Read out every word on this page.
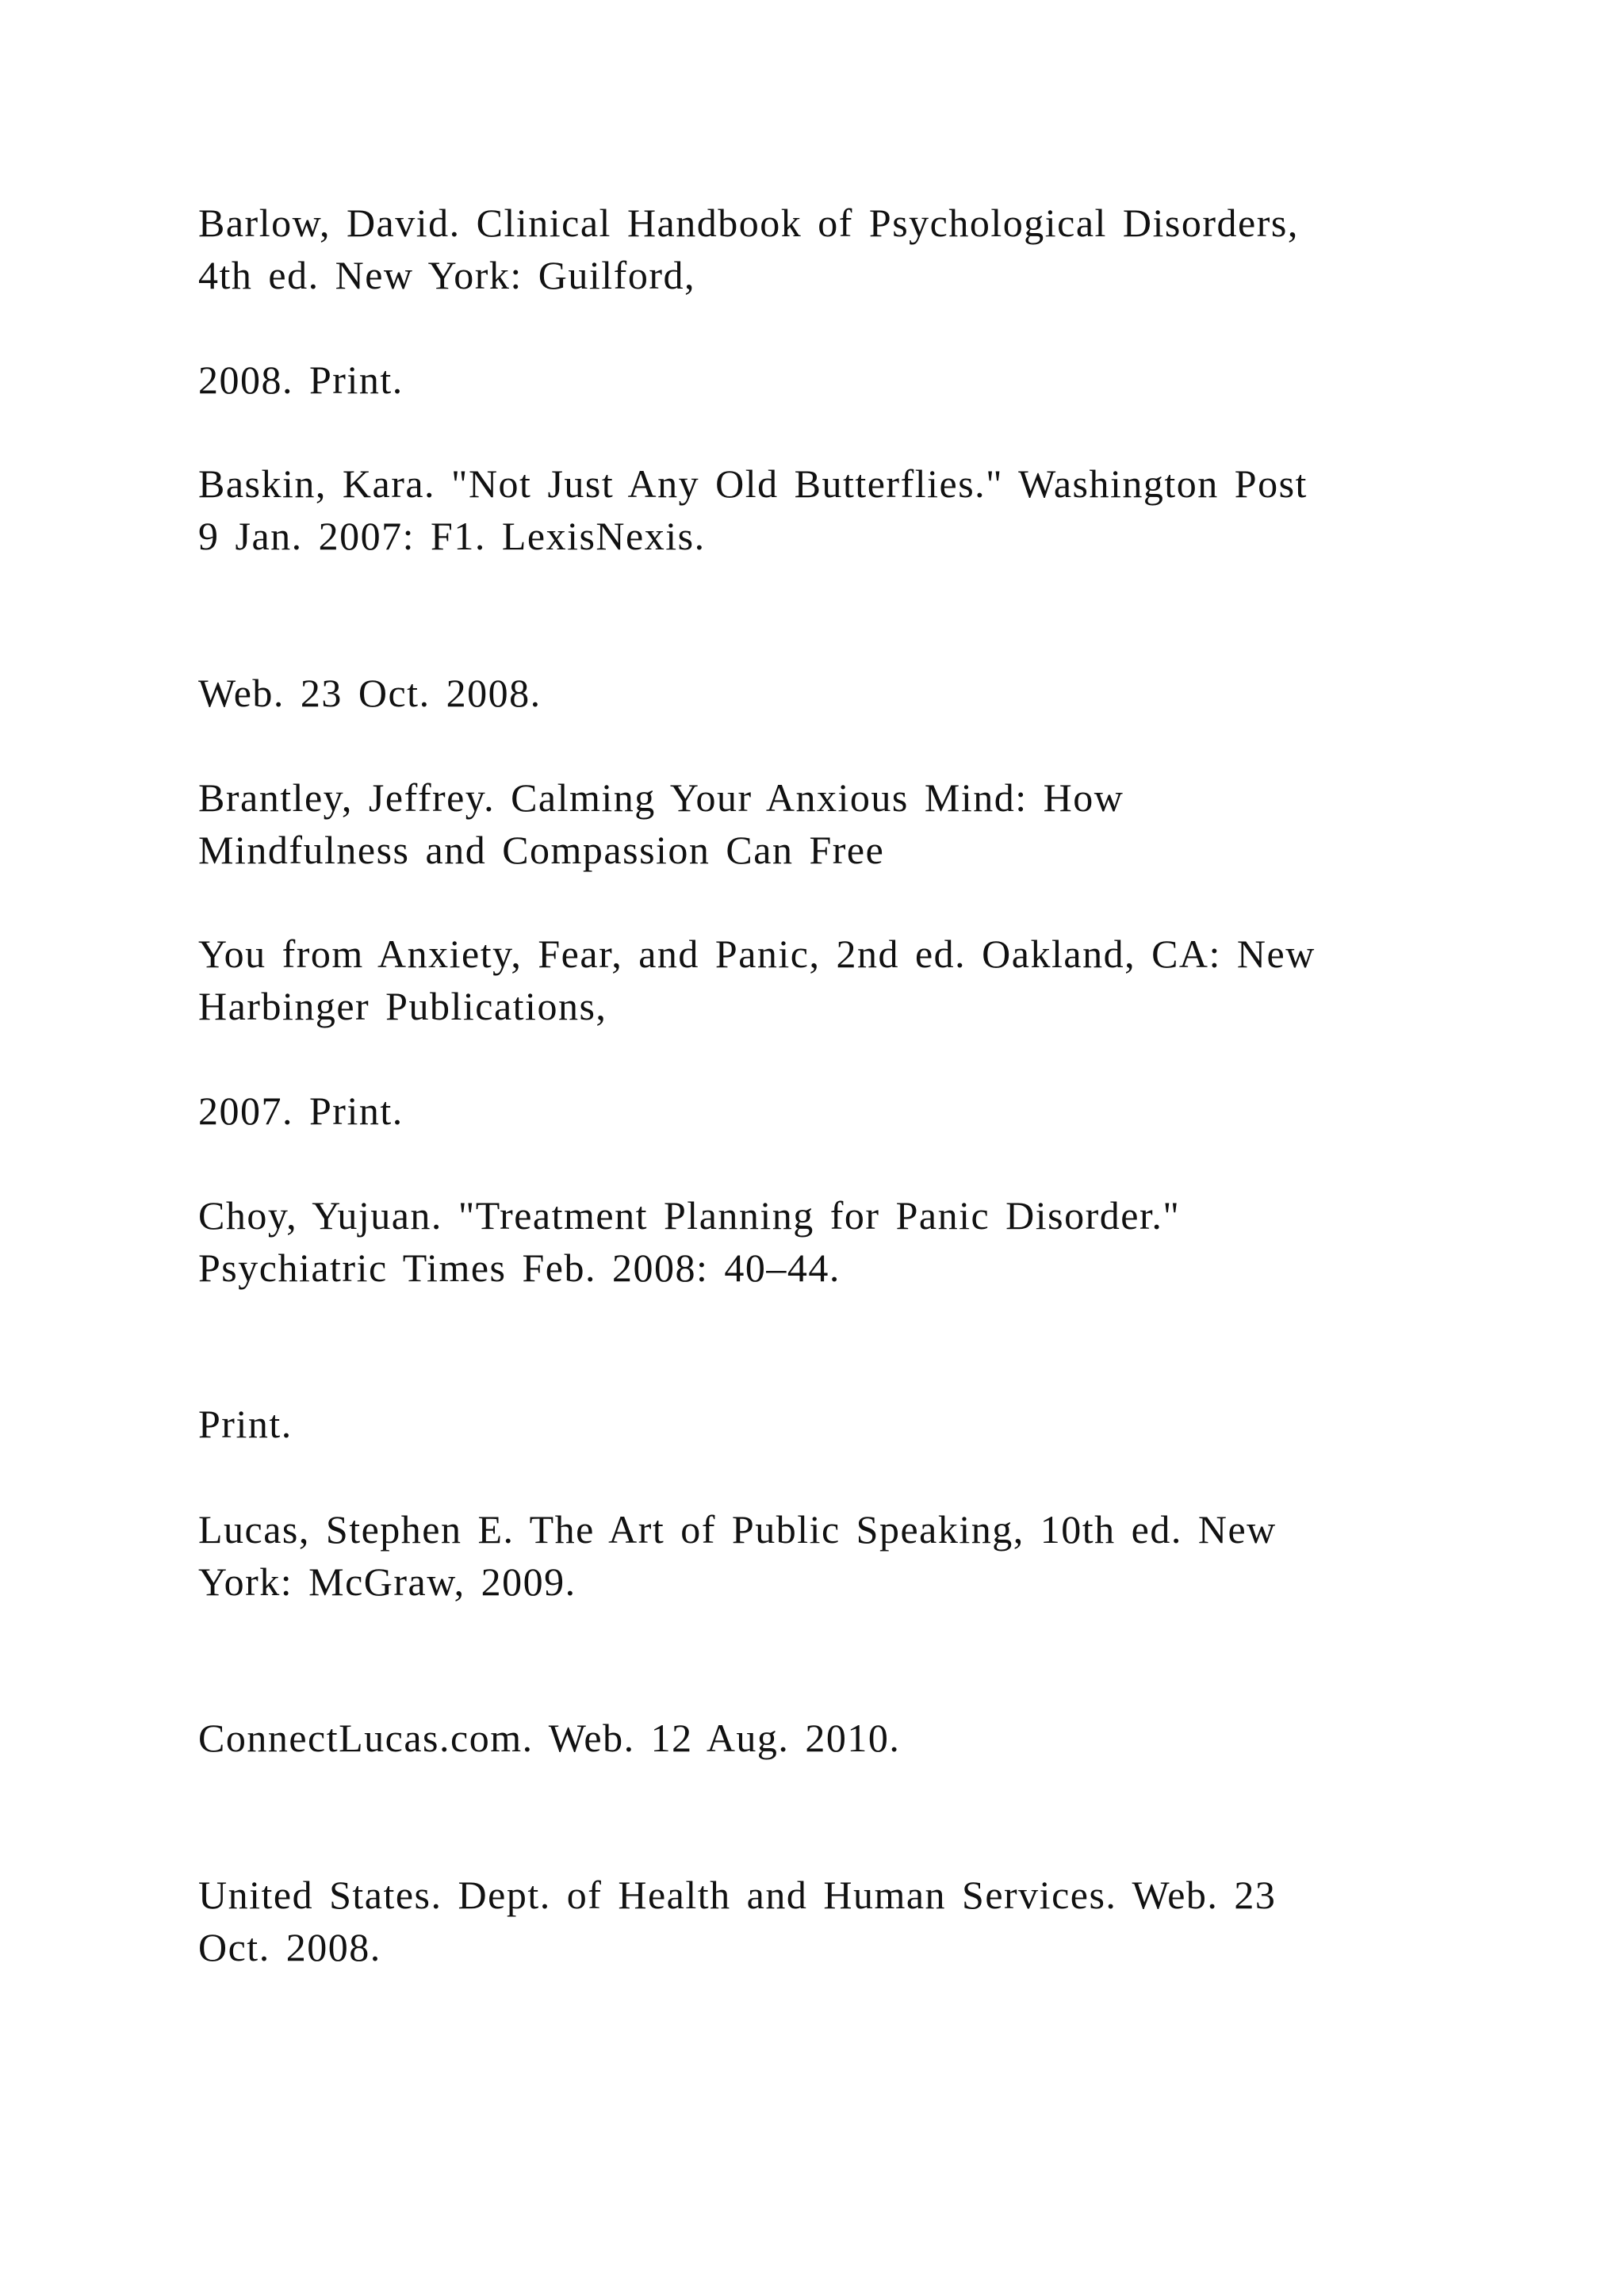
Barlow, David. Clinical Handbook of Psychological Disorders,
4th ed. New York: Guilford,
2008. Print.
Baskin, Kara. "Not Just Any Old Butterflies." Washington Post
9 Jan. 2007: F1. LexisNexis.
Web. 23 Oct. 2008.
Brantley, Jeffrey. Calming Your Anxious Mind: How
Mindfulness and Compassion Can Free
You from Anxiety, Fear, and Panic, 2nd ed. Oakland, CA: New
Harbinger Publications,
2007. Print.
Choy, Yujuan. "Treatment Planning for Panic Disorder."
Psychiatric Times Feb. 2008: 40–44.
Print.
Lucas, Stephen E. The Art of Public Speaking, 10th ed. New
York: McGraw, 2009.
ConnectLucas.com. Web. 12 Aug. 2010.
United States. Dept. of Health and Human Services. Web. 23
Oct. 2008.
